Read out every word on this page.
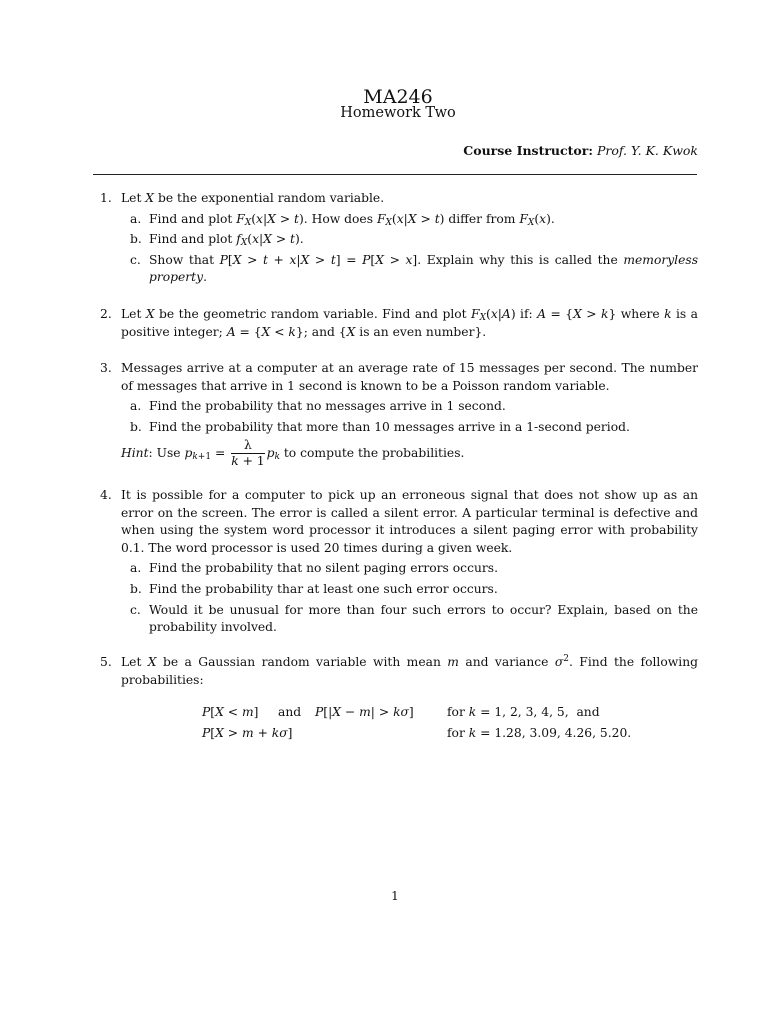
MA246
Homework Two
Course Instructor: Prof. Y. K. Kwok
1. Let X be the exponential random variable.
a. Find and plot $F_X(x|X > t)$. How does $F_X(x|X > t)$ differ from $F_X(x)$.
b. Find and plot $f_X(x|X > t)$.
c. Show that P[X > t + x|X > t] = P[X > x]. Explain why this is called the memoryless property.
2. Let X be the geometric random variable. Find and plot $F_X(x|A)$ if: A = {X > k} where k is a positive integer; A = {X < k}; and {X is an even number}.
3. Messages arrive at a computer at an average rate of 15 messages per second. The number of messages that arrive in 1 second is known to be a Poisson random variable.
a. Find the probability that no messages arrive in 1 second.
b. Find the probability that more than 10 messages arrive in a 1-second period.
Hint: Use $p_{k+1} = \frac{\lambda}{k + 1} p_k$ to compute the probabilities.
4. It is possible for a computer to pick up an erroneous signal that does not show up as an error on the screen. The error is called a silent error. A particular terminal is defective and when using the system word processor it introduces a silent paging error with probability 0.1. The word processor is used 20 times during a given week.
a. Find the probability that no silent paging errors occurs.
b. Find the probability thar at least one such error occurs.
c. Would it be unusual for more than four such errors to occur? Explain, based on the probability involved.
5. Let X be a Gaussian random variable with mean m and variance $\sigma^2$. Find the following probabilities:
P[X < m] and P[|X − m| > kσ]	for k = 1, 2, 3, 4, 5,  and
P[X > m + kσ]	for k = 1.28, 3.09, 4.26, 5.20.
1
